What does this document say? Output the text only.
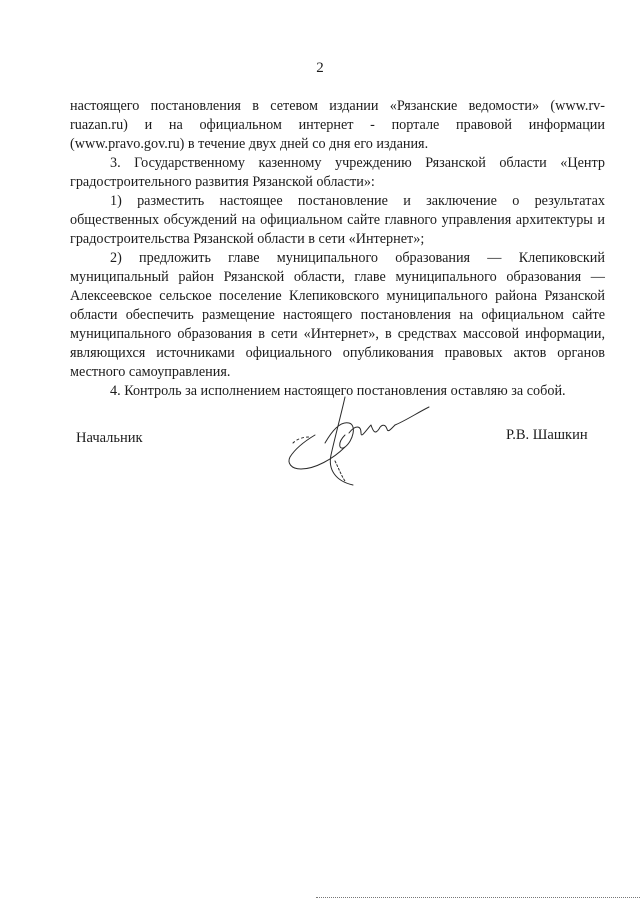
2

настоящего постановления в сетевом издании «Рязанские ведомости» (www.rv-ruazan.ru) и на официальном интернет - портале правовой информации (www.pravo.gov.ru) в течение двух дней со дня его издания.

3. Государственному казенному учреждению Рязанской области «Центр градостроительного развития Рязанской области»:

1) разместить настоящее постановление и заключение о результатах общественных обсуждений на официальном сайте главного управления архитектуры и градостроительства Рязанской области в сети «Интернет»;

2) предложить главе муниципального образования — Клепиковский муниципальный район Рязанской области, главе муниципального образования — Алексеевское сельское поселение Клепиковского муниципального района Рязанской области обеспечить размещение настоящего постановления на официальном сайте муниципального образования в сети «Интернет», в средствах массовой информации, являющихся источниками официального опубликования правовых актов органов местного самоуправления.

4. Контроль за исполнением настоящего постановления оставляю за собой.

Начальник	Р.В. Шашкин
